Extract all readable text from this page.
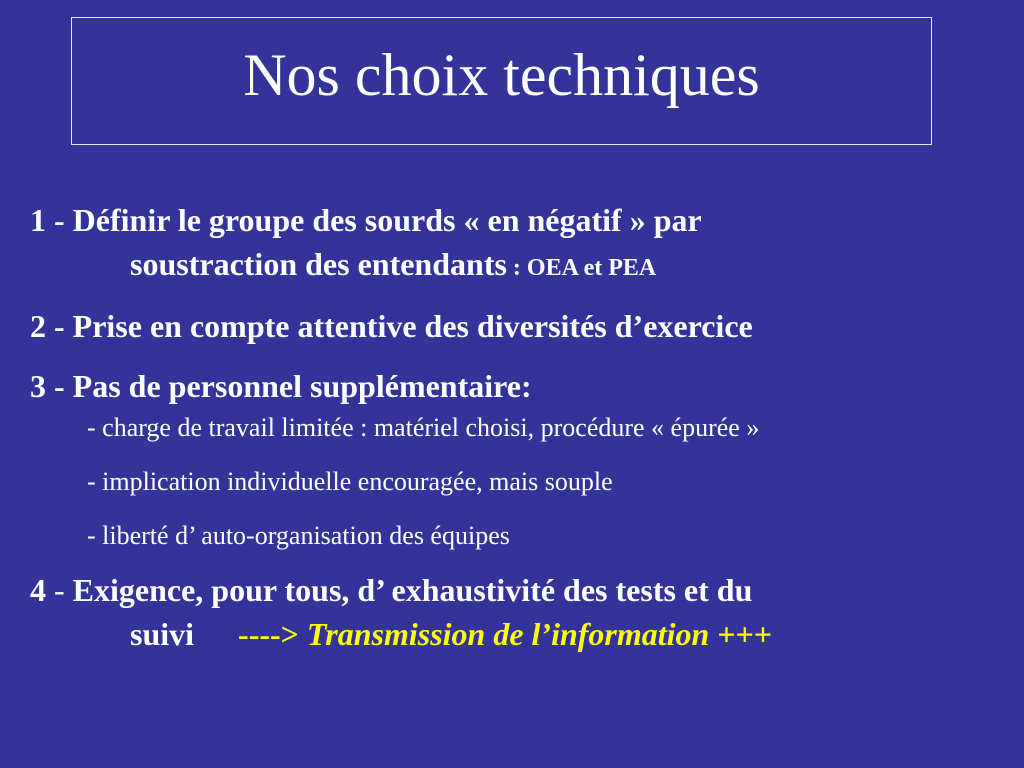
Nos choix techniques
1 - Définir le groupe des sourds « en négatif » par
soustraction des entendants : OEA et PEA
2 - Prise en compte attentive des diversités d’exercice
3 - Pas de personnel supplémentaire:
- charge de travail limitée : matériel choisi, procédure « épurée »
- implication individuelle encouragée, mais souple
- liberté d’ auto-organisation des équipes
4 - Exigence, pour tous, d’ exhaustivité des tests et du
suivi ----> Transmission de l’information +++
